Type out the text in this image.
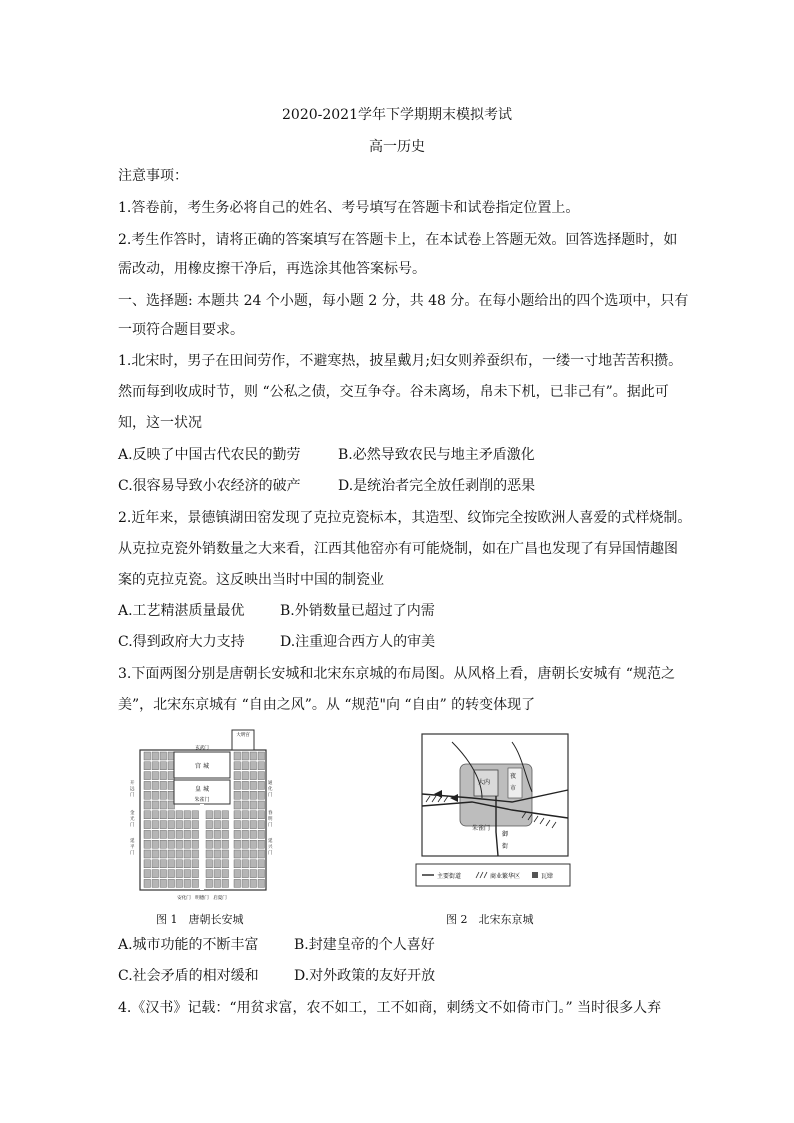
2020-2021学年下学期期末模拟考试
高一历史
注意事项：
1.答卷前，考生务必将自己的姓名、考号填写在答题卡和试卷指定位置上。
2.考生作答时，请将正确的答案填写在答题卡上，在本试卷上答题无效。回答选择题时，如
需改动，用橡皮擦干净后，再选涂其他答案标号。
一、选择题: 本题共 24 个小题，每小题 2 分，共 48 分。在每小题给出的四个选项中，只有
一项符合题目要求。
1.北宋时，男子在田间劳作，不避寒热，披星戴月;妇女则养蚕织布，一缕一寸地苦苦积攒。
然而每到收成时节，则 “公私之债，交互争夺。谷未离场，帛未下机，已非己有”。据此可
知，这一状况
A.反映了中国古代农民的勤劳	B.必然导致农民与地主矛盾激化
C.很容易导致小农经济的破产	D.是统治者完全放任剥削的恶果
2.近年来，景德镇湖田窑发现了克拉克瓷标本，其造型、纹饰完全按欧洲人喜爱的式样烧制。
从克拉克瓷外销数量之大来看，江西其他窑亦有可能烧制，如在广昌也发现了有异国情趣图
案的克拉克瓷。这反映出当时中国的制瓷业
A.工艺精湛质量最优	B.外销数量已超过了内需
C.得到政府大力支持	D.注重迎合西方人的审美
3.下面两图分别是唐朝长安城和北宋东京城的布局图。从风格上看，唐朝长安城有 “规范之
美”，北宋东京城有 “自由之风”。从 “规范"向 “自由” 的转变体现了
宫 城
皇 城
朱雀门
大明宫
玄武门
开
远
门
金
光
门
延
平
门
通
化
门
春
明
门
延
兴
门
安化门　明德门　启夏门
大内
夜
市
朱雀门
御
街
主要街道	商业繁华区	瓦肆
图 1　唐朝长安城	图 2　北宋东京城
A.城市功能的不断丰富	B.封建皇帝的个人喜好
C.社会矛盾的相对缓和	D.对外政策的友好开放
4.《汉书》记载：“用贫求富，农不如工，工不如商，刺绣文不如倚市门。” 当时很多人弃
